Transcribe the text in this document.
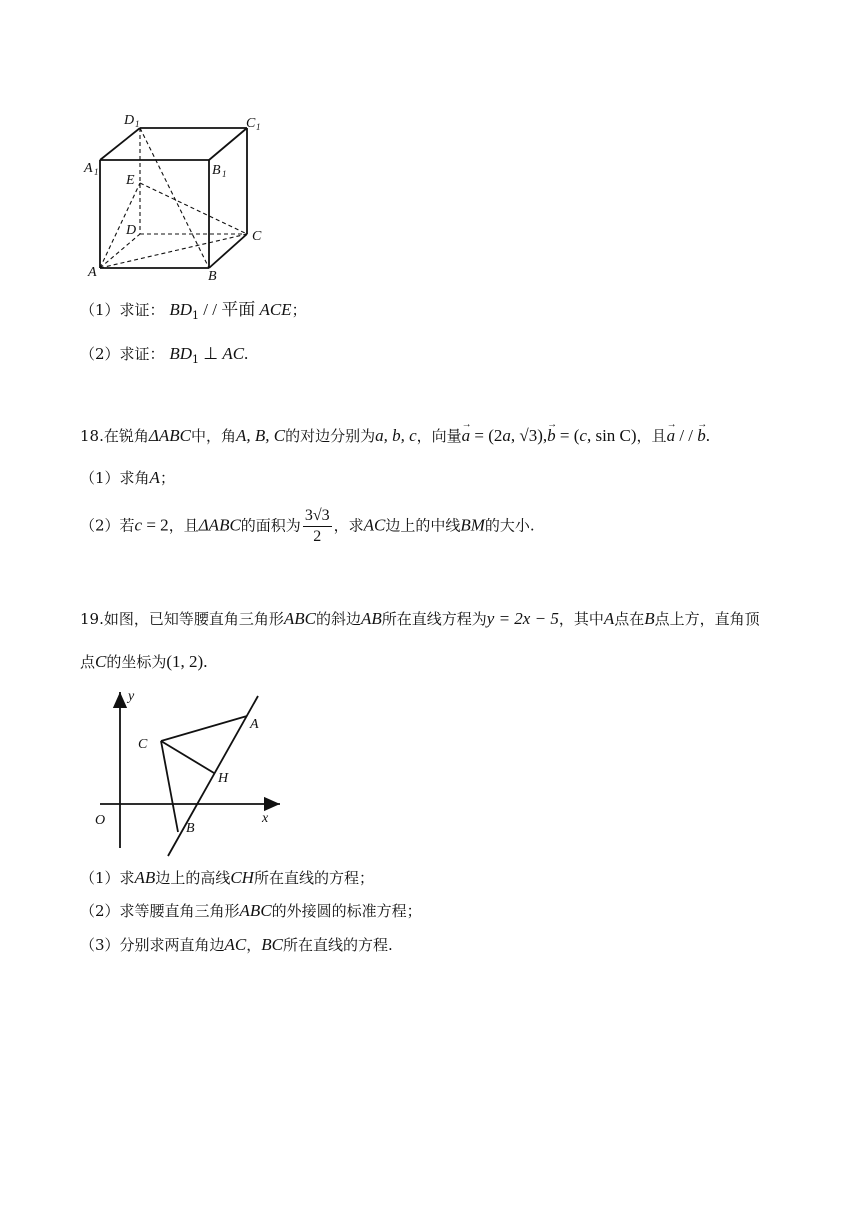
D 1	C 1
A 1	B 1
E
D	C
A	B
（1）求证： $BD_1$ / / 平面 ACE；
（2）求证： $BD_1$ ⊥ AC.
18.在锐角ΔABC中，角A, B, C的对边分别为a, b, c，向量→ a = (2a, √3),→ b = (c, sin C)，且→ a / / → b.
（1）求角A；
（2）若c = 2，且ΔABC的面积为 $\frac{3√3}{2}$ ，求AC边上的中线BM的大小.
19.如图，已知等腰直角三角形ABC的斜边AB所在直线方程为y = 2x − 5，其中A点在B点上方，直角顶
点C的坐标为(1, 2).
y
x
O
A
B
C
H
（1）求AB边上的高线CH所在直线的方程；
（2）求等腰直角三角形ABC的外接圆的标准方程；
（3）分别求两直角边AC，BC所在直线的方程.
